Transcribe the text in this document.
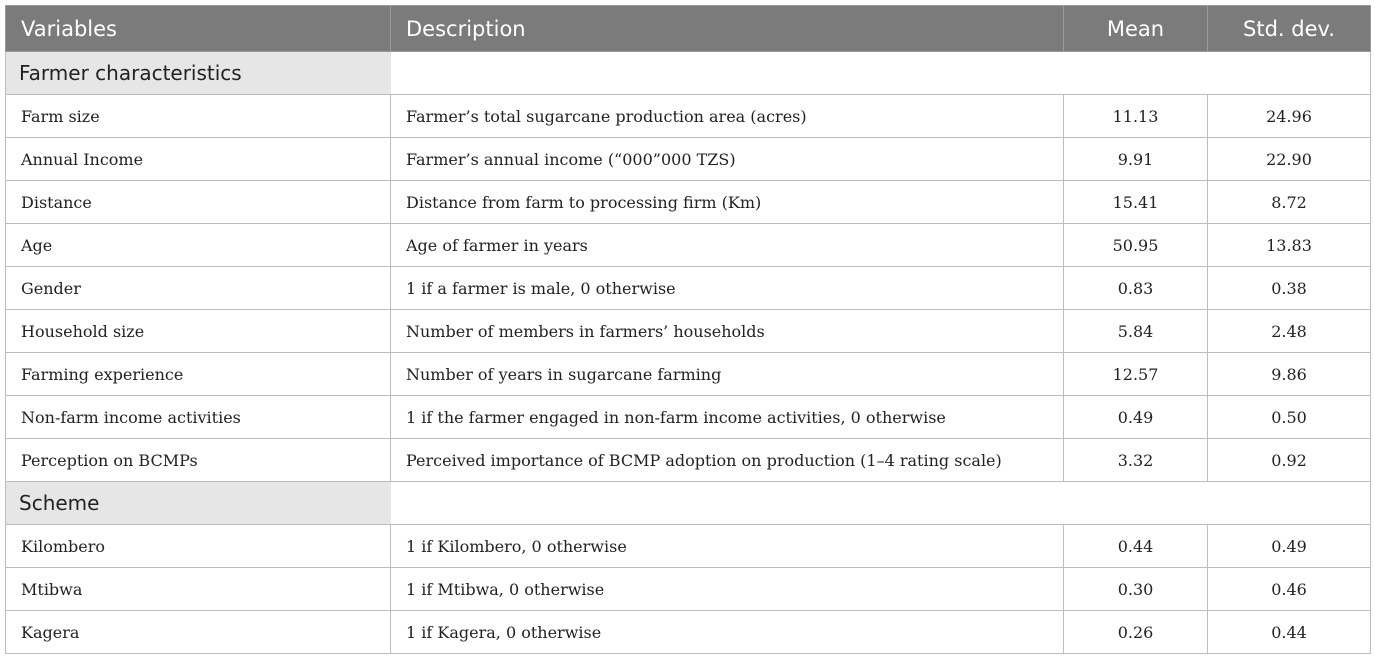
Variables	Description	Mean	Std. dev.
Farmer characteristics			
Farm size	Farmer’s total sugarcane production area (acres)	11.13	24.96
Annual Income	Farmer’s annual income (“000”000 TZS)	9.91	22.90
Distance	Distance from farm to processing firm (Km)	15.41	8.72
Age	Age of farmer in years	50.95	13.83
Gender	1 if a farmer is male, 0 otherwise	0.83	0.38
Household size	Number of members in farmers’ households	5.84	2.48
Farming experience	Number of years in sugarcane farming	12.57	9.86
Non-farm income activities	1 if the farmer engaged in non-farm income activities, 0 otherwise	0.49	0.50
Perception on BCMPs	Perceived importance of BCMP adoption on production (1–4 rating scale)	3.32	0.92
Scheme			
Kilombero	1 if Kilombero, 0 otherwise	0.44	0.49
Mtibwa	1 if Mtibwa, 0 otherwise	0.30	0.46
Kagera	1 if Kagera, 0 otherwise	0.26	0.44
